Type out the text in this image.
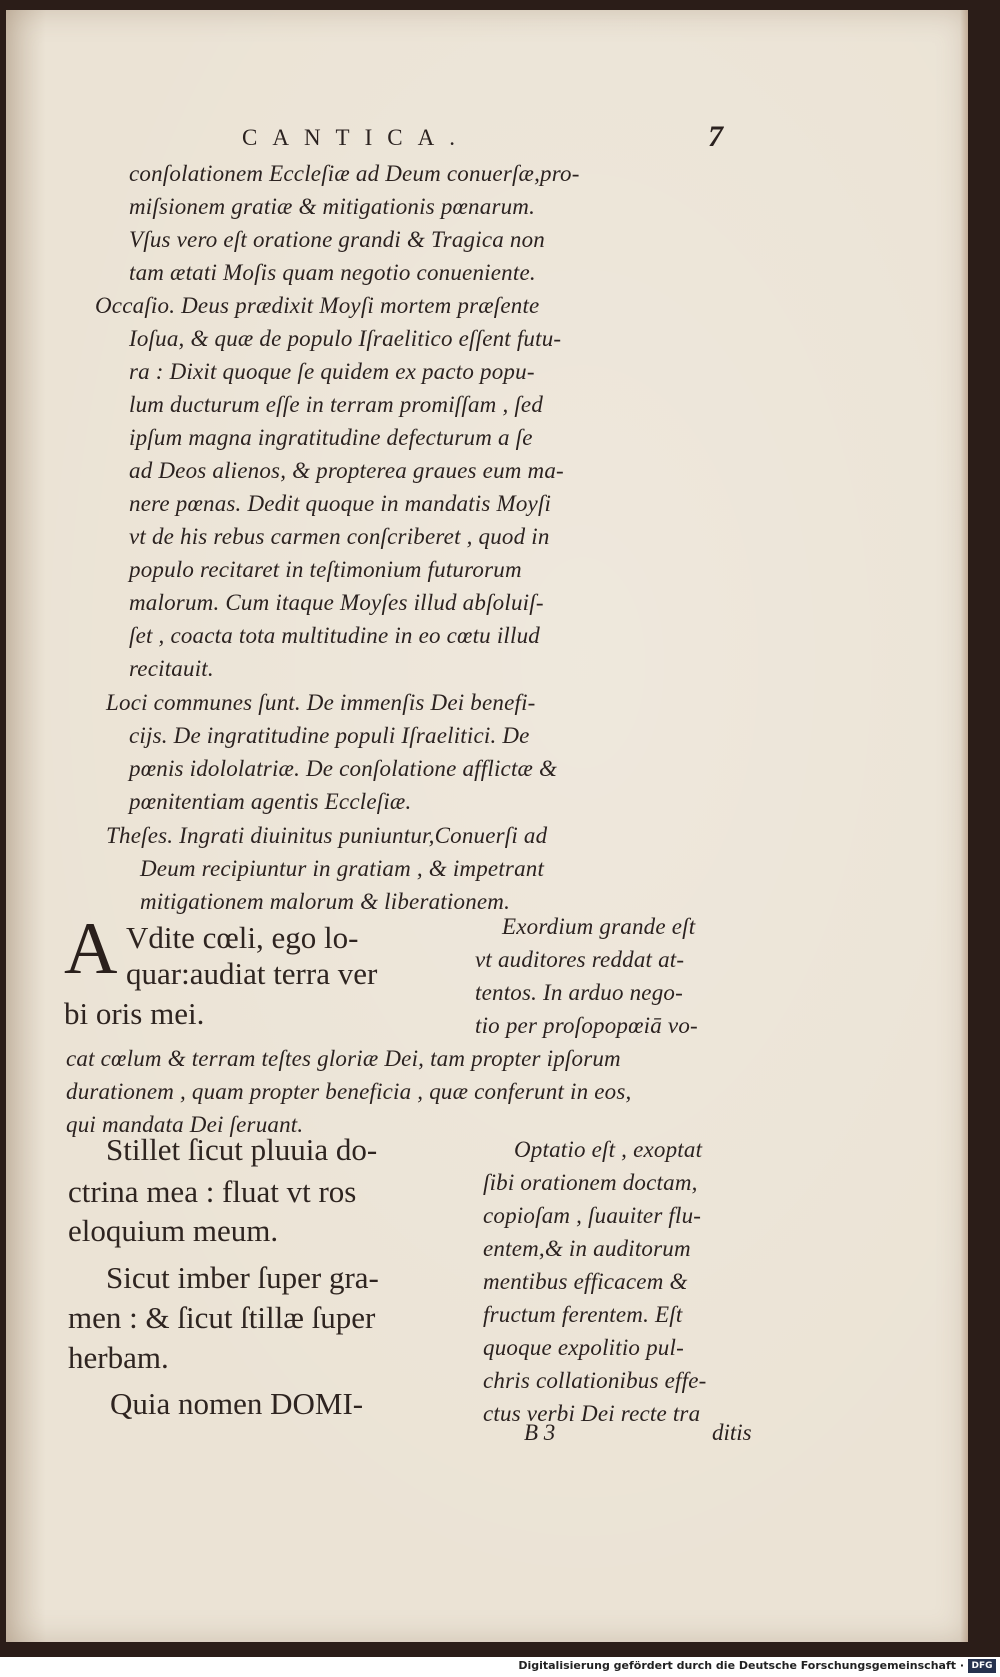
CANTICA.	7
conſolationem Eccleſiæ ad Deum conuerſæ,pro-
miſsionem gratiæ & mitigationis pœnarum.
Vſus vero eſt oratione grandi & Tragica non
tam ætati Moſis quam negotio conueniente.
Occaſio. Deus prædixit Moyſi mortem præſente
Ioſua, & quæ de populo Iſraelitico eſſent futu-
ra : Dixit quoque ſe quidem ex pacto popu-
lum ducturum eſſe in terram promiſſam , ſed
ipſum magna ingratitudine defecturum a ſe
ad Deos alienos, & propterea graues eum ma-
nere pœnas. Dedit quoque in mandatis Moyſi
vt de his rebus carmen conſcriberet , quod in
populo recitaret in teſtimonium futurorum
malorum. Cum itaque Moyſes illud abſoluiſ-
ſet , coacta tota multitudine in eo cœtu illud
recitauit.
Loci communes ſunt. De immenſis Dei benefi-
cijs. De ingratitudine populi Iſraelitici. De
pœnis idololatriæ. De conſolatione afflictæ &
pœnitentiam agentis Eccleſiæ.
Theſes. Ingrati diuinitus puniuntur,Conuerſi ad
Deum recipiuntur in gratiam , & impetrant
mitigationem malorum & liberationem.
A Vdite cœli, ego lo-
quar:audiat terra ver
bi oris mei.
Exordium grande eſt
vt auditores reddat at-
tentos. In arduo nego-
tio per proſopopœiā vo-
cat cœlum & terram teſtes gloriæ Dei, tam propter ipſorum
durationem , quam propter beneficia , quæ conferunt in eos,
qui mandata Dei ſeruant.
Stillet ſicut pluuia do-
ctrina mea : fluat vt ros
eloquium meum.
Sicut imber ſuper gra-
men : & ſicut ſtillæ ſuper
herbam.
Quia nomen DOMI-
Optatio eſt , exoptat
ſibi orationem doctam,
copioſam , ſuauiter flu-
entem,& in auditorum
mentibus efficacem &
fructum ferentem. Eſt
quoque expolitio pul-
chris collationibus effe-
ctus verbi Dei recte tra
B 3	ditis
Digitalisierung gefördert durch die Deutsche Forschungsgemeinschaft · DFG
